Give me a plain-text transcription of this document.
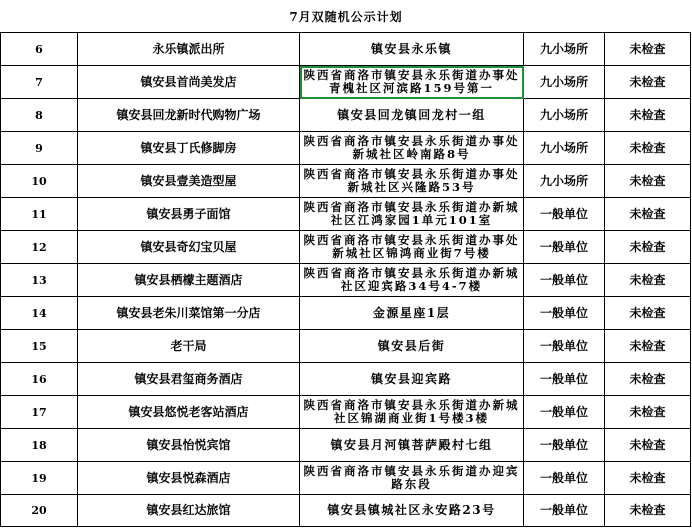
7月双随机公示计划
6	永乐镇派出所	镇安县永乐镇	九小场所	未检查
7	镇安县首尚美发店	陕西省商洛市镇安县永乐街道办事处青槐社区河滨路159号第一	九小场所	未检查
8	镇安县回龙新时代购物广场	镇安县回龙镇回龙村一组	九小场所	未检查
9	镇安县丁氏修脚房	陕西省商洛市镇安县永乐街道办事处新城社区岭南路8号	九小场所	未检查
10	镇安县壹美造型屋	陕西省商洛市镇安县永乐街道办事处新城社区兴隆路53号	九小场所	未检查
11	镇安县勇子面馆	陕西省商洛市镇安县永乐街道办新城社区江鸿家园1单元101室	一般单位	未检查
12	镇安县奇幻宝贝屋	陕西省商洛市镇安县永乐街道办事处新城社区锦鸿商业街7号楼	一般单位	未检查
13	镇安县栖檬主题酒店	陕西省商洛市镇安县永乐街道办新城社区迎宾路34号4-7楼	一般单位	未检查
14	镇安县老朱川菜馆第一分店	金源星座1层	一般单位	未检查
15	老干局	镇安县后街	一般单位	未检查
16	镇安县君玺商务酒店	镇安县迎宾路	一般单位	未检查
17	镇安县悠悦老客站酒店	陕西省商洛市镇安县永乐街道办新城社区锦湖商业街1号楼3楼	一般单位	未检查
18	镇安县怡悦宾馆	镇安县月河镇菩萨殿村七组	一般单位	未检查
19	镇安县悦森酒店	陕西省商洛市镇安县永乐街道办迎宾路东段	一般单位	未检查
20	镇安县红达旅馆	镇安县镇城社区永安路23号	一般单位	未检查
